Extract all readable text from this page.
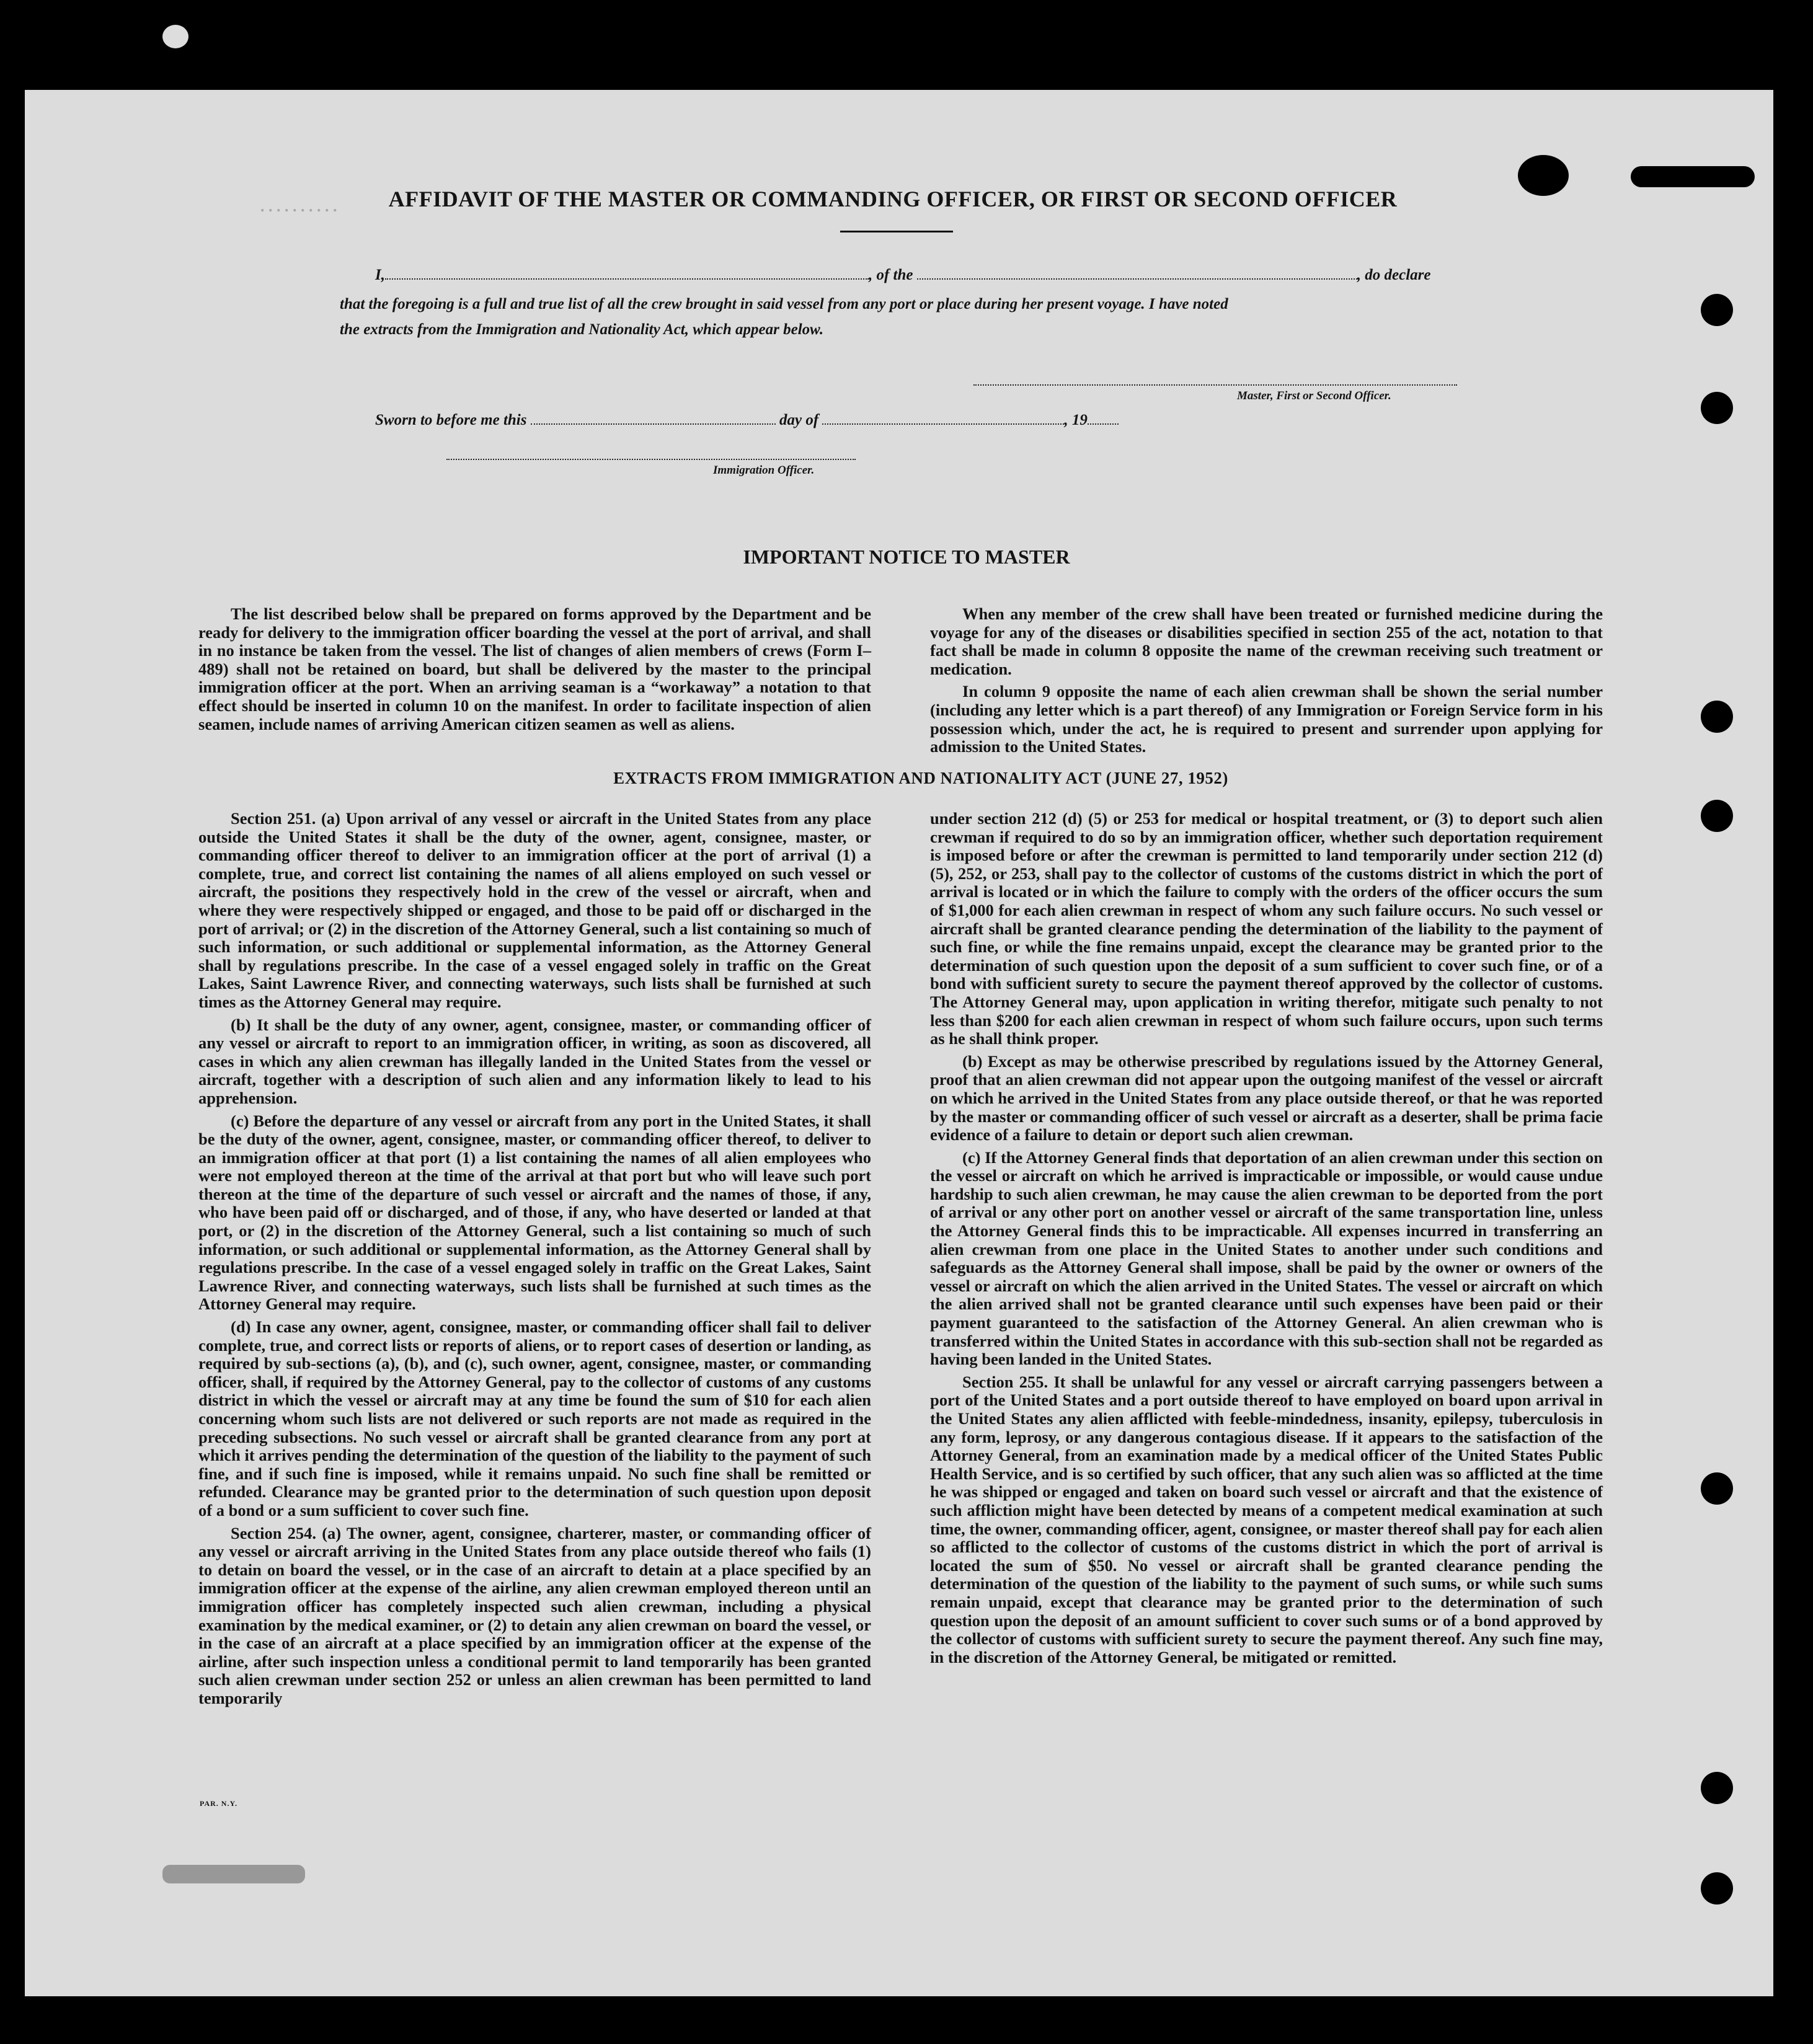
. . . . . . . . . .	AFFIDAVIT OF THE MASTER OR COMMANDING OFFICER, OR FIRST OR SECOND OFFICER
I,	, of the	, do declare
that the foregoing is a full and true list of all the crew brought in said vessel from any port or place during her present voyage. I have noted
the extracts from the Immigration and Nationality Act, which appear below.
Master, First or Second Officer.
Sworn to before me this	day of	, 19
Immigration Officer.
IMPORTANT NOTICE TO MASTER

The list described below shall be prepared on forms approved by the Department and be ready for delivery to the immigration officer boarding the vessel at the port of arrival, and shall in no instance be taken from the vessel. The list of changes of alien members of crews (Form I–489) shall not be retained on board, but shall be delivered by the master to the principal immigration officer at the port. When an arriving seaman is a “workaway” a notation to that effect should be inserted in column 10 on the manifest. In order to facilitate inspection of alien seamen, include names of arriving American citizen seamen as well as aliens.

When any member of the crew shall have been treated or furnished medicine during the voyage for any of the diseases or disabilities specified in section 255 of the act, notation to that fact shall be made in column 8 opposite the name of the crewman receiving such treatment or medication.

In column 9 opposite the name of each alien crewman shall be shown the serial number (including any letter which is a part thereof) of any Immigration or Foreign Service form in his possession which, under the act, he is required to present and surrender upon applying for admission to the United States.

EXTRACTS FROM IMMIGRATION AND NATIONALITY ACT (JUNE 27, 1952)

Section 251. (a) Upon arrival of any vessel or aircraft in the United States from any place outside the United States it shall be the duty of the owner, agent, consignee, master, or commanding officer thereof to deliver to an immigration officer at the port of arrival (1) a complete, true, and correct list containing the names of all aliens employed on such vessel or aircraft, the positions they respectively hold in the crew of the vessel or aircraft, when and where they were respectively shipped or engaged, and those to be paid off or discharged in the port of arrival; or (2) in the discretion of the Attorney General, such a list containing so much of such information, or such additional or supplemental information, as the Attorney General shall by regulations prescribe. In the case of a vessel engaged solely in traffic on the Great Lakes, Saint Lawrence River, and connecting waterways, such lists shall be furnished at such times as the Attorney General may require.

(b) It shall be the duty of any owner, agent, consignee, master, or commanding officer of any vessel or aircraft to report to an immigration officer, in writing, as soon as discovered, all cases in which any alien crewman has illegally landed in the United States from the vessel or aircraft, together with a description of such alien and any information likely to lead to his apprehension.

(c) Before the departure of any vessel or aircraft from any port in the United States, it shall be the duty of the owner, agent, consignee, master, or commanding officer thereof, to deliver to an immigration officer at that port (1) a list containing the names of all alien employees who were not employed thereon at the time of the arrival at that port but who will leave such port thereon at the time of the departure of such vessel or aircraft and the names of those, if any, who have been paid off or discharged, and of those, if any, who have deserted or landed at that port, or (2) in the discretion of the Attorney General, such a list containing so much of such information, or such additional or supplemental information, as the Attorney General shall by regulations prescribe. In the case of a vessel engaged solely in traffic on the Great Lakes, Saint Lawrence River, and connecting waterways, such lists shall be furnished at such times as the Attorney General may require.

(d) In case any owner, agent, consignee, master, or commanding officer shall fail to deliver complete, true, and correct lists or reports of aliens, or to report cases of desertion or landing, as required by sub-sections (a), (b), and (c), such owner, agent, consignee, master, or commanding officer, shall, if required by the Attorney General, pay to the collector of customs of any customs district in which the vessel or aircraft may at any time be found the sum of $10 for each alien concerning whom such lists are not delivered or such reports are not made as required in the preceding subsections. No such vessel or aircraft shall be granted clearance from any port at which it arrives pending the determination of the question of the liability to the payment of such fine, and if such fine is imposed, while it remains unpaid. No such fine shall be remitted or refunded. Clearance may be granted prior to the determination of such question upon deposit of a bond or a sum sufficient to cover such fine.

Section 254. (a) The owner, agent, consignee, charterer, master, or commanding officer of any vessel or aircraft arriving in the United States from any place outside thereof who fails (1) to detain on board the vessel, or in the case of an aircraft to detain at a place specified by an immigration officer at the expense of the airline, any alien crewman employed thereon until an immigration officer has completely inspected such alien crewman, including a physical examination by the medical examiner, or (2) to detain any alien crewman on board the vessel, or in the case of an aircraft at a place specified by an immigration officer at the expense of the airline, after such inspection unless a conditional permit to land temporarily has been granted such alien crewman under section 252 or unless an alien crewman has been permitted to land temporarily

under section 212 (d) (5) or 253 for medical or hospital treatment, or (3) to deport such alien crewman if required to do so by an immigration officer, whether such deportation requirement is imposed before or after the crewman is permitted to land temporarily under section 212 (d) (5), 252, or 253, shall pay to the collector of customs of the customs district in which the port of arrival is located or in which the failure to comply with the orders of the officer occurs the sum of $1,000 for each alien crewman in respect of whom any such failure occurs. No such vessel or aircraft shall be granted clearance pending the determination of the liability to the payment of such fine, or while the fine remains unpaid, except the clearance may be granted prior to the determination of such question upon the deposit of a sum sufficient to cover such fine, or of a bond with sufficient surety to secure the payment thereof approved by the collector of customs. The Attorney General may, upon application in writing therefor, mitigate such penalty to not less than $200 for each alien crewman in respect of whom such failure occurs, upon such terms as he shall think proper.

(b) Except as may be otherwise prescribed by regulations issued by the Attorney General, proof that an alien crewman did not appear upon the outgoing manifest of the vessel or aircraft on which he arrived in the United States from any place outside thereof, or that he was reported by the master or commanding officer of such vessel or aircraft as a deserter, shall be prima facie evidence of a failure to detain or deport such alien crewman.

(c) If the Attorney General finds that deportation of an alien crewman under this section on the vessel or aircraft on which he arrived is impracticable or impossible, or would cause undue hardship to such alien crewman, he may cause the alien crewman to be deported from the port of arrival or any other port on another vessel or aircraft of the same transportation line, unless the Attorney General finds this to be impracticable. All expenses incurred in transferring an alien crewman from one place in the United States to another under such conditions and safeguards as the Attorney General shall impose, shall be paid by the owner or owners of the vessel or aircraft on which the alien arrived in the United States. The vessel or aircraft on which the alien arrived shall not be granted clearance until such expenses have been paid or their payment guaranteed to the satisfaction of the Attorney General. An alien crewman who is transferred within the United States in accordance with this sub-section shall not be regarded as having been landed in the United States.

Section 255. It shall be unlawful for any vessel or aircraft carrying passengers between a port of the United States and a port outside thereof to have employed on board upon arrival in the United States any alien afflicted with feeble-mindedness, insanity, epilepsy, tuberculosis in any form, leprosy, or any dangerous contagious disease. If it appears to the satisfaction of the Attorney General, from an examination made by a medical officer of the United States Public Health Service, and is so certified by such officer, that any such alien was so afflicted at the time he was shipped or engaged and taken on board such vessel or aircraft and that the existence of such affliction might have been detected by means of a competent medical examination at such time, the owner, commanding officer, agent, consignee, or master thereof shall pay for each alien so afflicted to the collector of customs of the customs district in which the port of arrival is located the sum of $50. No vessel or aircraft shall be granted clearance pending the determination of the question of the liability to the payment of such sums, or while such sums remain unpaid, except that clearance may be granted prior to the determination of such question upon the deposit of an amount sufficient to cover such sums or of a bond approved by the collector of customs with sufficient surety to secure the payment thereof. Any such fine may, in the discretion of the Attorney General, be mitigated or remitted.

PAR. N.Y.
